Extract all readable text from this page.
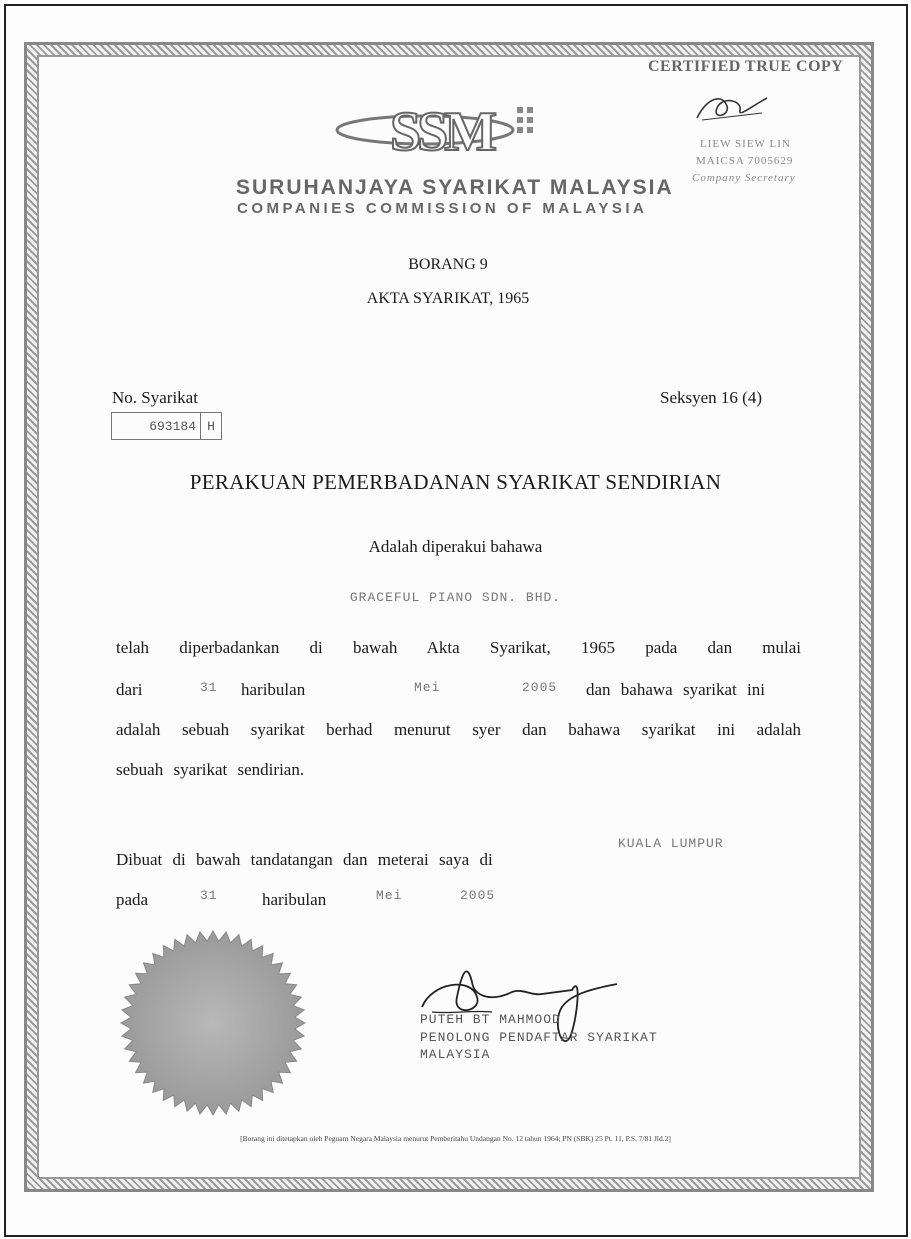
CERTIFIED TRUE COPY
LIEW SIEW LIN
MAICSA 7005629
Company Secretary
SSM
SURUHANJAYA SYARIKAT MALAYSIA
COMPANIES COMMISSION OF MALAYSIA
BORANG 9
AKTA SYARIKAT, 1965
No. Syarikat
693184 H
Seksyen 16 (4)
PERAKUAN PEMERBADANAN SYARIKAT SENDIRIAN
Adalah diperakui bahawa
GRACEFUL PIANO SDN. BHD.
telah diperbadankan di bawah Akta Syarikat, 1965 pada dan mulai
dari	31 haribulan	Mei	2005 dan bahawa syarikat ini
adalah sebuah syarikat berhad menurut syer dan bahawa syarikat ini adalah
sebuah syarikat sendirian.
KUALA LUMPUR
Dibuat di bawah tandatangan dan meterai saya di
pada	31	haribulan	Mei	2005
PUTEH BT MAHMOOD
PENOLONG PENDAFTAR SYARIKAT
MALAYSIA
[Borang ini ditetapkan oleh Peguam Negara Malaysia menurut Pemberitahu Undangan No. 12 tahun 1964; PN (SBK) 25 Pt. 11, P.S. 7/81 Jld.2]
